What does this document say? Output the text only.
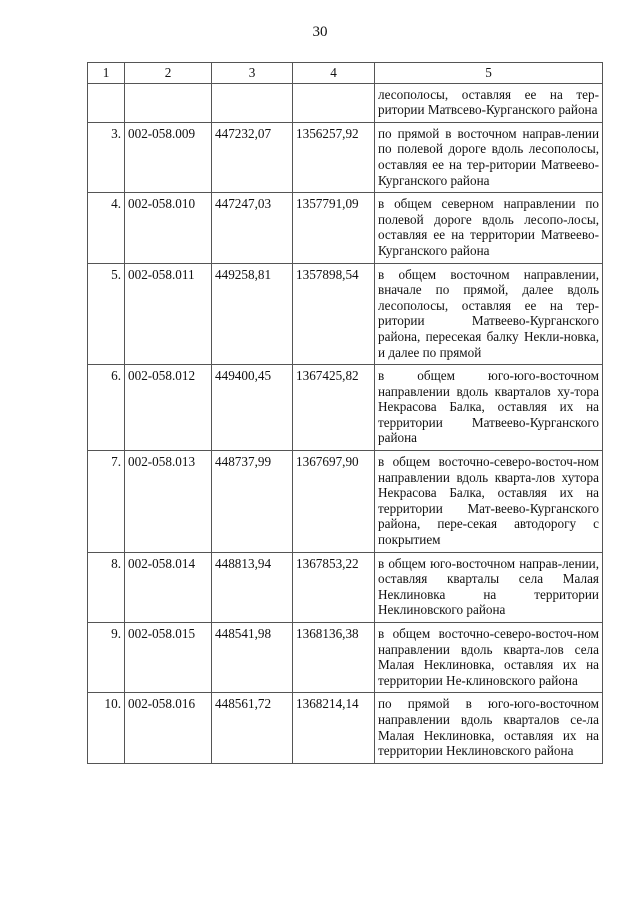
30
1	2	3	4	5
				лесополосы, оставляя ее на тер-ритории Матвсево-Курганского района
3.	002-058.009	447232,07	1356257,92	по прямой в восточном направ-лении по полевой дороге вдоль лесополосы, оставляя ее на тер-ритории Матвеево-Курганского района
4.	002-058.010	447247,03	1357791,09	в общем северном направлении по полевой дороге вдоль лесопо-лосы, оставляя ее на территории Матвеево-Курганского района
5.	002-058.011	449258,81	1357898,54	в общем восточном направлении, вначале по прямой, далее вдоль лесополосы, оставляя ее на тер-ритории Матвеево-Курганского района, пересекая балку Некли-новка, и далее по прямой
6.	002-058.012	449400,45	1367425,82	в общем юго-юго-восточном направлении вдоль кварталов ху-тора Некрасова Балка, оставляя их на территории Матвеево-Курганского района
7.	002-058.013	448737,99	1367697,90	в общем восточно-северо-восточ-ном направлении вдоль кварта-лов хутора Некрасова Балка, оставляя их на территории Мат-веево-Курганского района, пере-секая автодорогу с покрытием
8.	002-058.014	448813,94	1367853,22	в общем юго-восточном направ-лении, оставляя кварталы села Малая Неклиновка на территории Неклиновского района
9.	002-058.015	448541,98	1368136,38	в общем восточно-северо-восточ-ном направлении вдоль кварта-лов села Малая Неклиновка, оставляя их на территории Не-клиновского района
10.	002-058.016	448561,72	1368214,14	по прямой в юго-юго-восточном направлении вдоль кварталов се-ла Малая Неклиновка, оставляя их на территории Неклиновского района
